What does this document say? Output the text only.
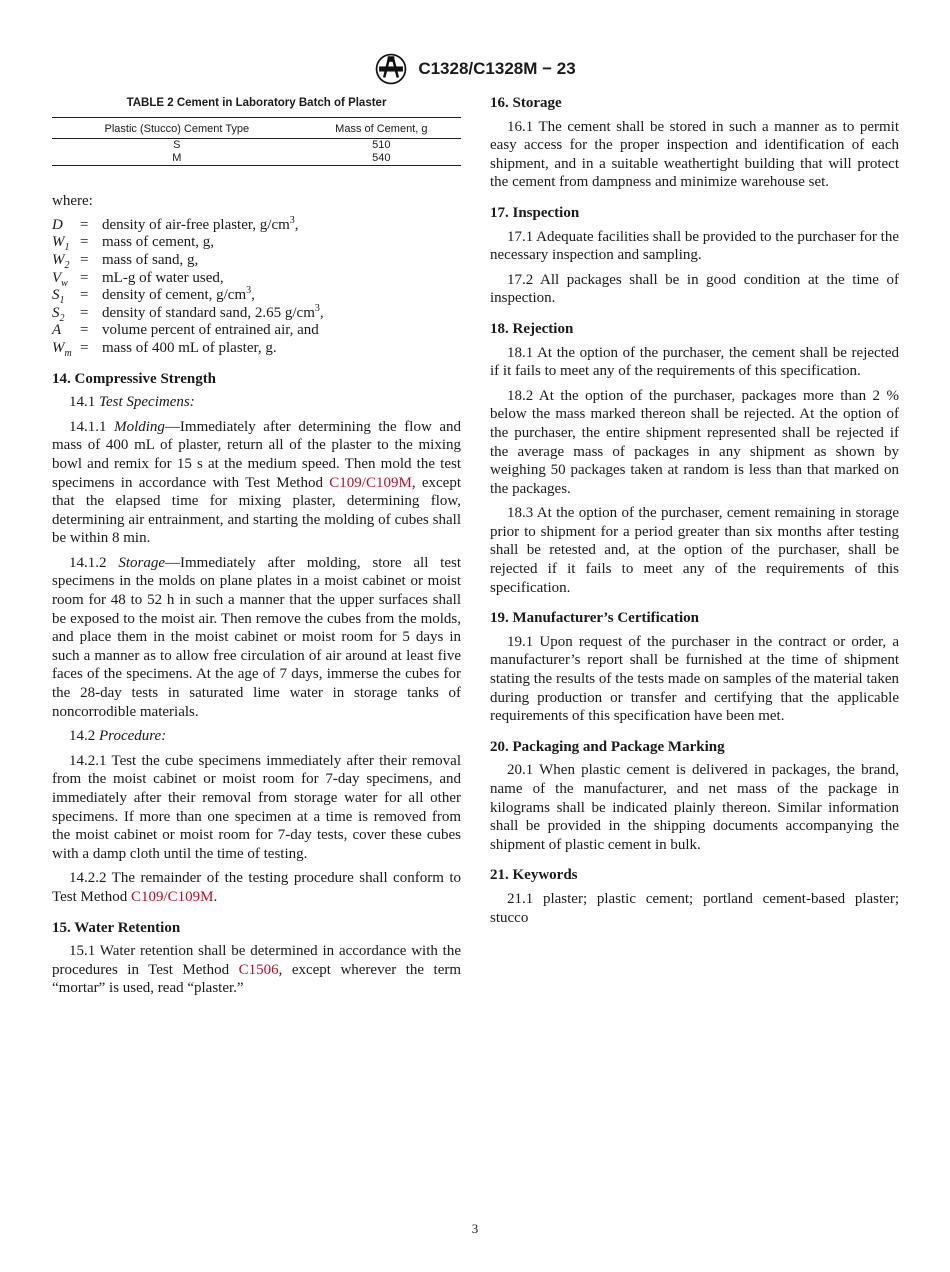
C1328/C1328M − 23
TABLE 2 Cement in Laboratory Batch of Plaster
Plastic (Stucco) Cement Type	Mass of Cement, g
S	510
M	540

where:

D	= density of air-free plaster, $g/cm^3$,
$W_1$ = mass of cement, g,
$W_2$ = mass of sand, g,
$V_w = mL-g$ of water used,
$S_1$	= density of cement, $g/cm^3$,
$S_2$	= density of standard sand, 2.65 $g/cm^3$,
A	= volume percent of entrained air, and
$W_m$ = mass of 400 mL of plaster, g.
14. Compressive Strength

14.1 Test Specimens:

14.1.1 Molding—Immediately after determining the flow and mass of 400 mL of plaster, return all of the plaster to the mixing bowl and remix for 15 s at the medium speed. Then mold the test specimens in accordance with Test Method C109/C109M, except that the elapsed time for mixing plaster, determining flow, determining air entrainment, and starting the molding of cubes shall be within 8 min.

14.1.2 Storage—Immediately after molding, store all test specimens in the molds on plane plates in a moist cabinet or moist room for 48 to 52 h in such a manner that the upper surfaces shall be exposed to the moist air. Then remove the cubes from the molds, and place them in the moist cabinet or moist room for 5 days in such a manner as to allow free circulation of air around at least five faces of the specimens. At the age of 7 days, immerse the cubes for the 28-day tests in saturated lime water in storage tanks of noncorrodible materials.

14.2 Procedure:

14.2.1 Test the cube specimens immediately after their removal from the moist cabinet or moist room for 7-day specimens, and immediately after their removal from storage water for all other specimens. If more than one specimen at a time is removed from the moist cabinet or moist room for 7-day tests, cover these cubes with a damp cloth until the time of testing.

14.2.2 The remainder of the testing procedure shall conform to Test Method C109/C109M.

15. Water Retention

15.1 Water retention shall be determined in accordance with the procedures in Test Method C1506, except wherever the term “mortar” is used, read “plaster.”

16. Storage

16.1 The cement shall be stored in such a manner as to permit easy access for the proper inspection and identification of each shipment, and in a suitable weathertight building that will protect the cement from dampness and minimize warehouse set.

17. Inspection

17.1 Adequate facilities shall be provided to the purchaser for the necessary inspection and sampling.

17.2 All packages shall be in good condition at the time of inspection.

18. Rejection

18.1 At the option of the purchaser, the cement shall be rejected if it fails to meet any of the requirements of this specification.

18.2 At the option of the purchaser, packages more than 2 % below the mass marked thereon shall be rejected. At the option of the purchaser, the entire shipment represented shall be rejected if the average mass of packages in any shipment as shown by weighing 50 packages taken at random is less than that marked on the packages.

18.3 At the option of the purchaser, cement remaining in storage prior to shipment for a period greater than six months after testing shall be retested and, at the option of the purchaser, shall be rejected if it fails to meet any of the requirements of this specification.

19. Manufacturer’s Certification

19.1 Upon request of the purchaser in the contract or order, a manufacturer’s report shall be furnished at the time of shipment stating the results of the tests made on samples of the material taken during production or transfer and certifying that the applicable requirements of this specification have been met.

20. Packaging and Package Marking

20.1 When plastic cement is delivered in packages, the brand, name of the manufacturer, and net mass of the package in kilograms shall be indicated plainly thereon. Similar information shall be provided in the shipping documents accompanying the shipment of plastic cement in bulk.

21. Keywords

21.1 plaster; plastic cement; portland cement-based plaster; stucco

3
